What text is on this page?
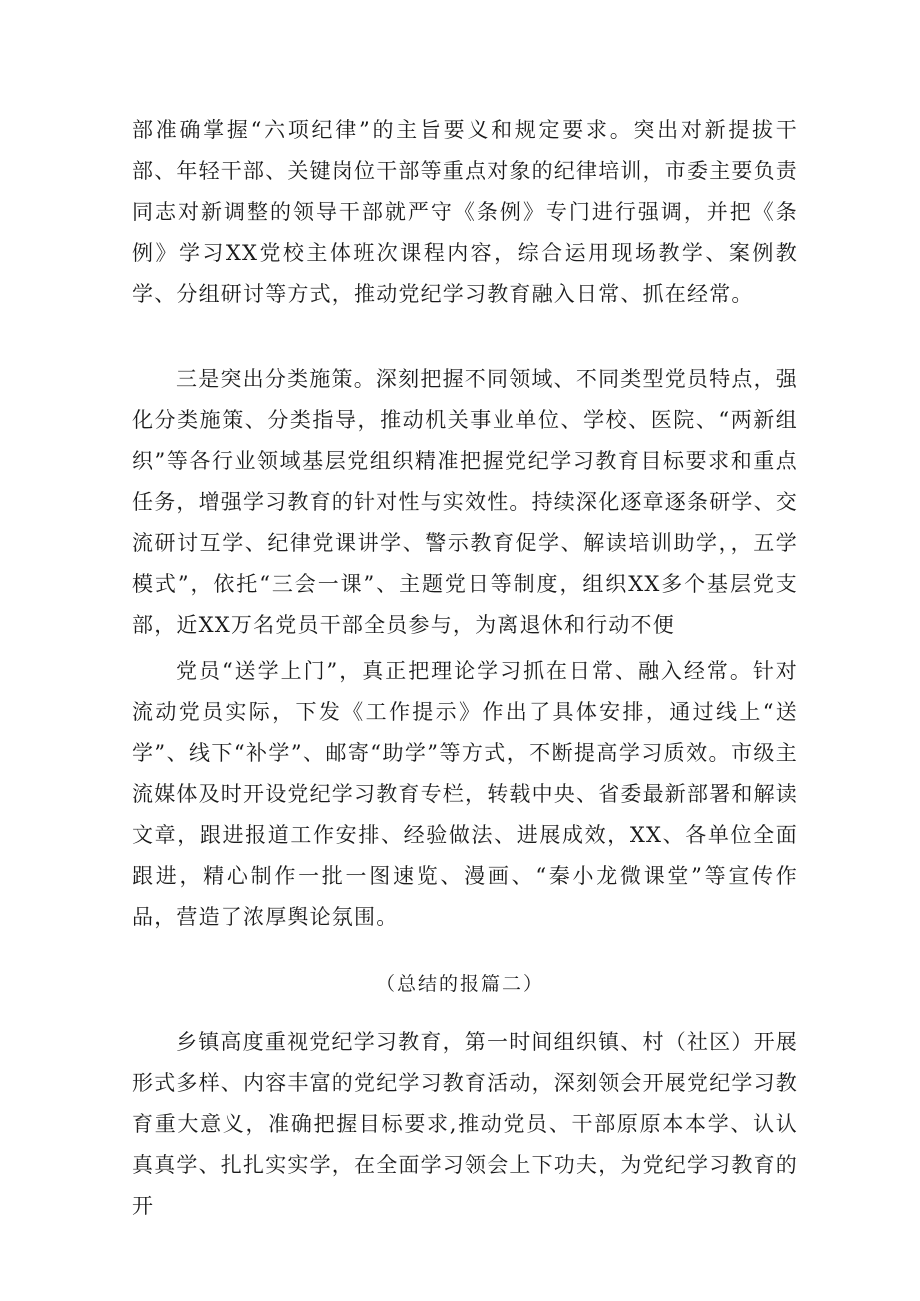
部准确掌握“六项纪律”的主旨要义和规定要求。突出对新提拔干部、年轻干部、关键岗位干部等重点对象的纪律培训，市委主要负责同志对新调整的领导干部就严守《条例》专门进行强调，并把《条例》学习XX党校主体班次课程内容，综合运用现场教学、案例教学、分组研讨等方式，推动党纪学习教育融入日常、抓在经常。

三是突出分类施策。深刻把握不同领域、不同类型党员特点，强化分类施策、分类指导，推动机关事业单位、学校、医院、“两新组织”等各行业领域基层党组织精准把握党纪学习教育目标要求和重点任务，增强学习教育的针对性与实效性。持续深化逐章逐条研学、交流研讨互学、纪律党课讲学、警示教育促学、解读培训助学，，五学模式”，依托“三会一课”、主题党日等制度，组织XX多个基层党支部，近XX万名党员干部全员参与，为离退休和行动不便

党员“送学上门”，真正把理论学习抓在日常、融入经常。针对流动党员实际，下发《工作提示》作出了具体安排，通过线上“送学”、线下“补学”、邮寄“助学”等方式，不断提高学习质效。市级主流媒体及时开设党纪学习教育专栏，转载中央、省委最新部署和解读文章，跟进报道工作安排、经验做法、进展成效，XX、各单位全面跟进，精心制作一批一图速览、漫画、“秦小龙微课堂”等宣传作品，营造了浓厚舆论氛围。

（总结的报篇二）

乡镇高度重视党纪学习教育，第一时间组织镇、村（社区）开展形式多样、内容丰富的党纪学习教育活动，深刻领会开展党纪学习教育重大意义，准确把握目标要求,推动党员、干部原原本本学、认认真真学、扎扎实实学，在全面学习领会上下功夫，为党纪学习教育的开
